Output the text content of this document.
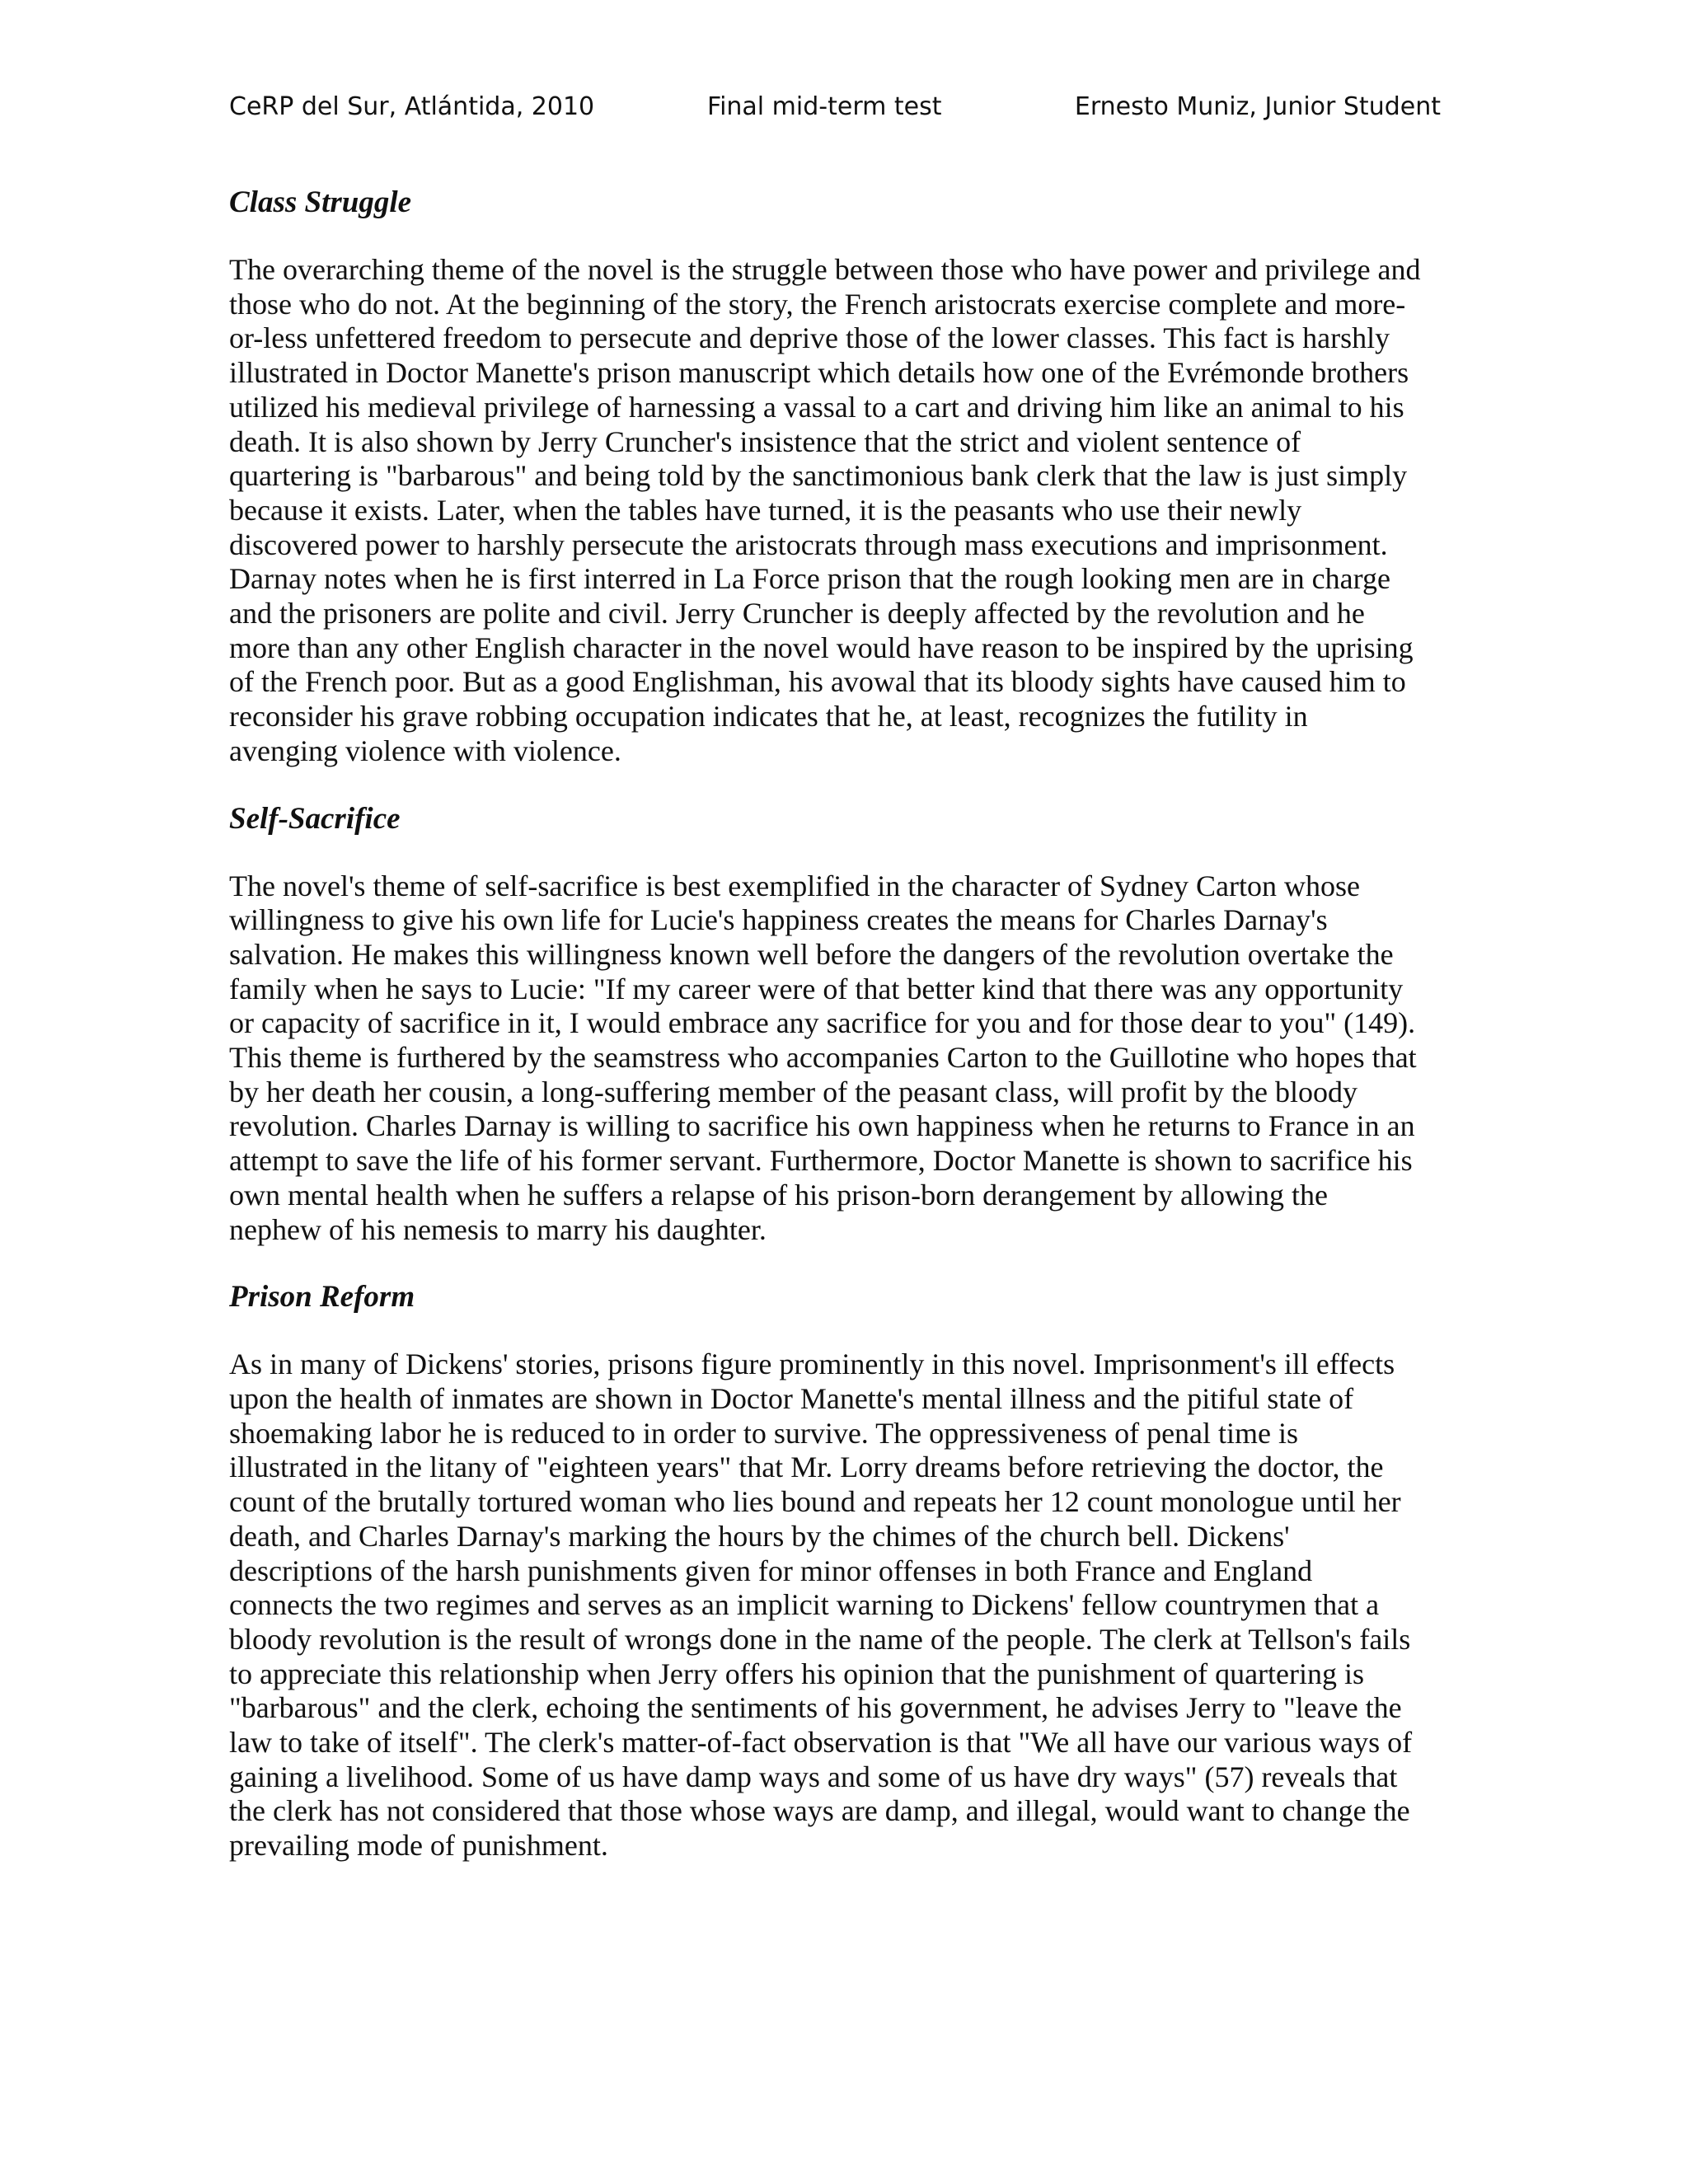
CeRP del Sur, Atlántida, 2010	Final mid-term test	Ernesto Muniz, Junior Student
Class Struggle
The overarching theme of the novel is the struggle between those who have power and privilege and
those who do not. At the beginning of the story, the French aristocrats exercise complete and more-
or-less unfettered freedom to persecute and deprive those of the lower classes. This fact is harshly
illustrated in Doctor Manette's prison manuscript which details how one of the Evrémonde brothers
utilized his medieval privilege of harnessing a vassal to a cart and driving him like an animal to his
death. It is also shown by Jerry Cruncher's insistence that the strict and violent sentence of
quartering is "barbarous" and being told by the sanctimonious bank clerk that the law is just simply
because it exists. Later, when the tables have turned, it is the peasants who use their newly
discovered power to harshly persecute the aristocrats through mass executions and imprisonment.
Darnay notes when he is first interred in La Force prison that the rough looking men are in charge
and the prisoners are polite and civil. Jerry Cruncher is deeply affected by the revolution and he
more than any other English character in the novel would have reason to be inspired by the uprising
of the French poor. But as a good Englishman, his avowal that its bloody sights have caused him to
reconsider his grave robbing occupation indicates that he, at least, recognizes the futility in
avenging violence with violence.
Self-Sacrifice
The novel's theme of self-sacrifice is best exemplified in the character of Sydney Carton whose
willingness to give his own life for Lucie's happiness creates the means for Charles Darnay's
salvation. He makes this willingness known well before the dangers of the revolution overtake the
family when he says to Lucie: "If my career were of that better kind that there was any opportunity
or capacity of sacrifice in it, I would embrace any sacrifice for you and for those dear to you" (149).
This theme is furthered by the seamstress who accompanies Carton to the Guillotine who hopes that
by her death her cousin, a long-suffering member of the peasant class, will profit by the bloody
revolution. Charles Darnay is willing to sacrifice his own happiness when he returns to France in an
attempt to save the life of his former servant. Furthermore, Doctor Manette is shown to sacrifice his
own mental health when he suffers a relapse of his prison-born derangement by allowing the
nephew of his nemesis to marry his daughter.
Prison Reform
As in many of Dickens' stories, prisons figure prominently in this novel. Imprisonment's ill effects
upon the health of inmates are shown in Doctor Manette's mental illness and the pitiful state of
shoemaking labor he is reduced to in order to survive. The oppressiveness of penal time is
illustrated in the litany of "eighteen years" that Mr. Lorry dreams before retrieving the doctor, the
count of the brutally tortured woman who lies bound and repeats her 12 count monologue until her
death, and Charles Darnay's marking the hours by the chimes of the church bell. Dickens'
descriptions of the harsh punishments given for minor offenses in both France and England
connects the two regimes and serves as an implicit warning to Dickens' fellow countrymen that a
bloody revolution is the result of wrongs done in the name of the people. The clerk at Tellson's fails
to appreciate this relationship when Jerry offers his opinion that the punishment of quartering is
"barbarous" and the clerk, echoing the sentiments of his government, he advises Jerry to "leave the
law to take of itself". The clerk's matter-of-fact observation is that "We all have our various ways of
gaining a livelihood. Some of us have damp ways and some of us have dry ways" (57) reveals that
the clerk has not considered that those whose ways are damp, and illegal, would want to change the
prevailing mode of punishment.
